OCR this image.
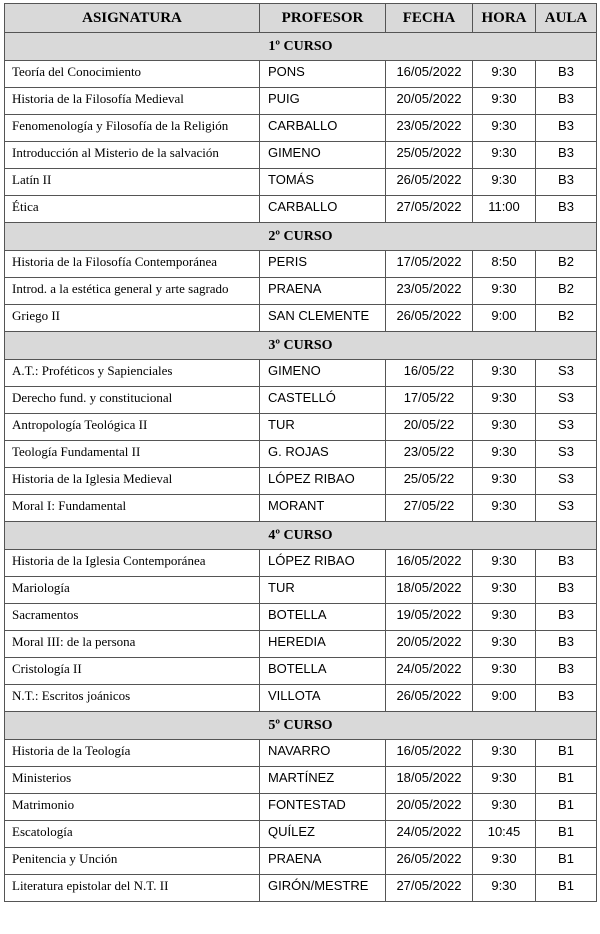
ASIGNATURA	PROFESOR	FECHA	HORA	AULA
1º CURSO				
Teoría del Conocimiento	PONS	16/05/2022	9:30	B3
Historia de la Filosofía Medieval	PUIG	20/05/2022	9:30	B3
Fenomenología y Filosofía de la Religión	CARBALLO	23/05/2022	9:30	B3
Introducción al Misterio de la salvación	GIMENO	25/05/2022	9:30	B3
Latín II	TOMÁS	26/05/2022	9:30	B3
Ética	CARBALLO	27/05/2022	11:00	B3
2º CURSO				
Historia de la Filosofía Contemporánea	PERIS	17/05/2022	8:50	B2
Introd. a la estética general y arte sagrado	PRAENA	23/05/2022	9:30	B2
Griego II	SAN CLEMENTE	26/05/2022	9:00	B2
3º CURSO				
A.T.: Proféticos y Sapienciales	GIMENO	16/05/22	9:30	S3
Derecho fund. y constitucional	CASTELLÓ	17/05/22	9:30	S3
Antropología Teológica II	TUR	20/05/22	9:30	S3
Teología Fundamental II	G. ROJAS	23/05/22	9:30	S3
Historia de la Iglesia Medieval	LÓPEZ RIBAO	25/05/22	9:30	S3
Moral I: Fundamental	MORANT	27/05/22	9:30	S3
4º CURSO				
Historia de la Iglesia Contemporánea	LÓPEZ RIBAO	16/05/2022	9:30	B3
Mariología	TUR	18/05/2022	9:30	B3
Sacramentos	BOTELLA	19/05/2022	9:30	B3
Moral III: de la persona	HEREDIA	20/05/2022	9:30	B3
Cristología II	BOTELLA	24/05/2022	9:30	B3
N.T.: Escritos joánicos	VILLOTA	26/05/2022	9:00	B3
5º CURSO				
Historia de la Teología	NAVARRO	16/05/2022	9:30	B1
Ministerios	MARTÍNEZ	18/05/2022	9:30	B1
Matrimonio	FONTESTAD	20/05/2022	9:30	B1
Escatología	QUÍLEZ	24/05/2022	10:45	B1
Penitencia y Unción	PRAENA	26/05/2022	9:30	B1
Literatura epistolar del N.T. II	GIRÓN/MESTRE	27/05/2022	9:30	B1
